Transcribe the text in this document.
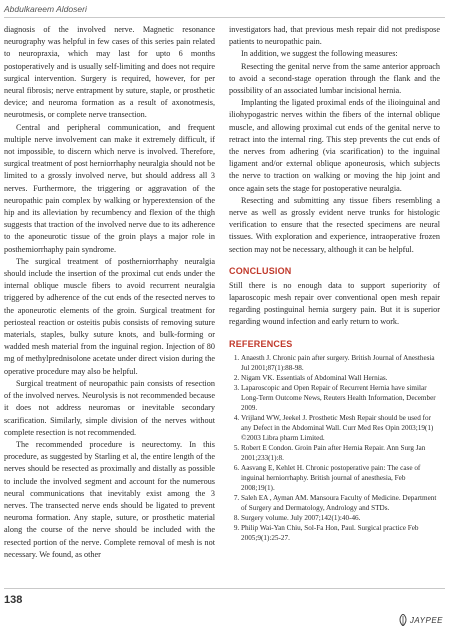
Abdulkareem Aldoseri

diagnosis of the involved nerve. Magnetic resonance neurography was helpful in few cases of this series pain related to neuropraxia, which may last for upto 6 months postoperatively and is usually self-limiting and does not require surgical intervention. Surgery is required, however, for per neural fibrosis; nerve entrapment by suture, staple, or prosthetic device; and neuroma formation as a result of axonotmesis, neurotmesis, or complete nerve transection.

Central and peripheral communication, and frequent multiple nerve involvement can make it extremely difficult, if not impossible, to discern which nerve is involved. Therefore, surgical treatment of post herniorrhaphy neuralgia should not be limited to a grossly involved nerve, but should address all 3 nerves. Furthermore, the triggering or aggravation of the neuropathic pain complex by walking or hyperextension of the hip and its alleviation by recumbency and flexion of the thigh suggests that traction of the involved nerve due to its adherence to the aponeurotic tissue of the groin plays a major role in posthemiorrhaphy pain syndrome.

The surgical treatment of postherniorrhaphy neuralgia should include the insertion of the proximal cut ends under the internal oblique muscle fibers to avoid recurrent neuralgia triggered by adherence of the cut ends of the resected nerves to the aponeurotic elements of the groin. Surgical treatment for periosteal reaction or osteitis pubis consists of removing suture materials, staples, bulky suture knots, and bulk-forming or wadded mesh material from the inguinal region. Injection of 80 mg of methylprednisolone acetate under direct vision during the operative procedure may also be helpful.

Surgical treatment of neuropathic pain consists of resection of the involved nerves. Neurolysis is not recommended because it does not address neuromas or inevitable secondary scarification. Similarly, simple division of the nerves without complete resection is not recommended.

The recommended procedure is neurectomy. In this procedure, as suggested by Starling et al, the entire length of the nerves should be resected as proximally and distally as possible to include the involved segment and account for the numerous neural communications that inevitably exist among the 3 nerves. The transected nerve ends should be ligated to prevent neuroma formation. Any staple, suture, or prosthetic material along the course of the nerve should be included with the resected portion of the nerve. Complete removal of mesh is not necessary. We found, as other

investigators had, that previous mesh repair did not predispose patients to neuropathic pain.

In addition, we suggest the following measures:

Resecting the genital nerve from the same anterior approach to avoid a second-stage operation through the flank and the possibility of an associated lumbar incisional hernia.

Implanting the ligated proximal ends of the ilioinguinal and iliohypogastric nerves within the fibers of the internal oblique muscle, and allowing proximal cut ends of the genital nerve to retract into the internal ring. This step prevents the cut ends of the nerves from adhering (via scarification) to the inguinal ligament and/or external oblique aponeurosis, which subjects the nerve to traction on walking or moving the hip joint and once again sets the stage for postoperative neuralgia.

Resecting and submitting any tissue fibers resembling a nerve as well as grossly evident nerve trunks for histologic verification to ensure that the resected specimens are neural tissues. With exploration and experience, intraoperative frozen section may not be necessary, although it can be helpful.

CONCLUSION

Still there is no enough data to support superiority of laparoscopic mesh repair over conventional open mesh repair regarding postinguinal hernia surgery pain. But it is superior regarding wound infection and early return to work.

REFERENCES
1. Anaesth J. Chronic pain after surgery. British Journal of Anesthesia Jul 2001;87(1):88-98.
2. Nigam VK. Essentials of Abdominal Wall Hernias.
3. Laparoscopic and Open Repair of Recurrent Hernia have similar Long-Term Outcome News, Reuters Health Information, December 2009.
4. Vrijland WW, Jeekel J. Prosthetic Mesh Repair should be used for any Defect in the Abdominal Wall. Curr Med Res Opin 2003;19(1) ©2003 Libra pharm Limited.
5. Robert E Condon. Groin Pain after Hernia Repair. Ann Surg Jan 2001;233(1):8.
6. Aasvang E, Kehlet H. Chronic postoperative pain: The case of inguinal herniorrhaphy. British journal of anesthesia, Feb 2008;19(1).
7. Saleh EA , Ayman AM. Mansoura Faculty of Medicine. Department of Surgery and Dermatology, Andrology and STDs.
8. Surgery volume. July 2007;142(1):40-46.
9. Philip Wai-Yan Chiu, Sol-Fa Hon, Paul. Surgical practice Feb 2005;9(1):25-27.
138
JAYPEE
